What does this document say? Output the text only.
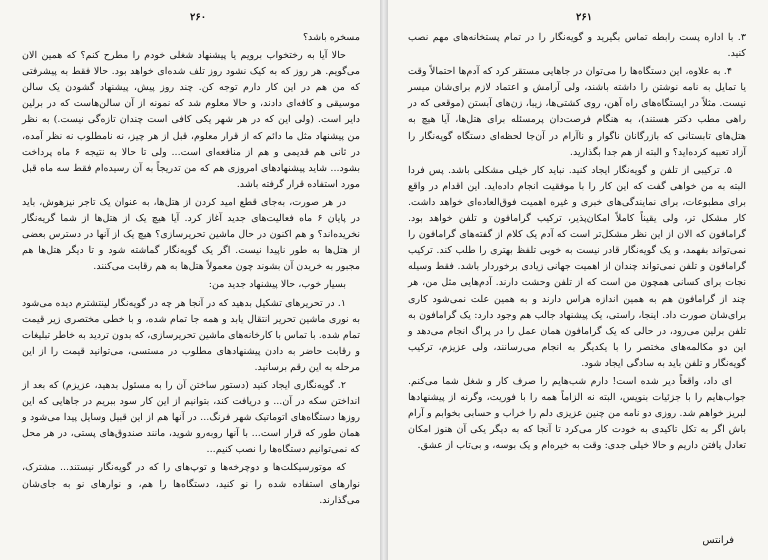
۲۶۰

مسخره باشد؟

حالا آیا به رختخواب برویم یا پیشنهاد شغلی خودم را مطرح کنم؟ که همین الان می‌گویم. هر روز که به کیک نشود روز تلف شده‌ای خواهد بود. حالا فقط به پیشرفتی که من هم در این کار دارم توجه کن. چند روز پیش، پیشنهاد گشودن یک سالن موسیقی و کافه‌ای دادند، و حالا معلوم شد که نمونه از آن سالن‌هاست که در برلین دایر است. (ولی این که در هر شهر یکی کافی است چندان تازه‌گی نیست.) به نظر من پیشنهاد مثل ما دائم که از قرار معلوم، قبل از هر چیز، نه نامطلوب نه نظر آمده، در ثانی هم قدیمی و هم از منافعه‌ای است... ولی تا حالا به نتیجه ۶ ماه پرداخت بشود... شاید پیشنهاد‌های امروزی هم که من تدریجاً به آن رسیده‌ام فقط سه ماه قبل مورد استفاده قرار گرفته باشد.

در هر صورت، به‌جای قطع امید کردن از هتل‌ها، به عنوان یک تاجر نیزهوش، باید در پایان ۶ ماه فعالیت‌های جدید آغاز کرد. آیا هیچ یک از هتل‌ها از شما گریه‌نگار نخریده‌اند؟ و هم اکنون در حال ماشین تحریرسازی؟ هیچ یک از آنها در دسترس بعضی از هتل‌ها به طور ناپیدا نیست. اگر یک گویه‌نگار گماشته شود و تا دیگر هتل‌ها هم مجبور به خریدن آن بشوند چون معمولاً هتل‌ها به هم رقابت می‌کنند.

بسیار خوب، حالا پیشنهاد جدید من:

۱. در تحریرهای تشکیل بدهید که در آنجا هر چه در گویه‌نگار لینتشترم دیده می‌شود به نوری ماشین تحریر انتقال یابد و همه جا تمام شده، و با خطی مختصری زیر قیمت تمام شده. با تماس با کارخانه‌های ماشین تحریرسازی، که بدون تردید به خاطر تبلیغات و رقابت حاضر به دادن پیشنهادهای مطلوب در مستسی، می‌توانید قیمت را از این مرحله به این رقم برسانید.

۲. گویه‌نگاری ایجاد کنید (دستور ساختن آن را به مسئول بدهید، عزیزم) که بعد از انداختن سکه در آن... و دریافت کند، بتوانیم از این کار سود ببریم در جاهایی که این روزها دستگاه‌های اتوماتیک شهر فرنگ... در آنها هم از این قبیل وسایل پیدا می‌شود و همان طور که قرار است... با آنها روبه‌رو شوید، مانند صندوق‌های پستی، در هر محل که نمی‌توانیم دستگاه‌ها را نصب کنیم...

که موتورسیکلت‌ها و دوچرخه‌ها و توپ‌های را که در گویه‌نگار نیستند... مشترک، نوارهای استفاده شده را نو کنید، دستگاه‌ها را هم، و نوارهای نو به جای‌شان می‌گذارند.

۲۶۱

۳. با اداره پست رابطه تماس بگیرید و گویه‌نگار را در تمام پستخانه‌های مهم نصب کنید.

۴. به علاوه، این دستگاه‌ها را می‌توان در جاهایی مستقر کرد که آدم‌ها احتمالاً وقت یا تمایل به نامه نوشتن را داشته باشند، ولی آرامش و اعتماد لازم برای‌شان میسر نیست. مثلاً در ایستگاه‌های راه آهن، روی کشتی‌ها، زیبا، زن‌های آبستن (موقعی که در راهی مطب دکتر هستند)، به هنگام فرصت‌دان پرمسئله برای هتل‌ها، آیا هیچ به هتل‌های تابستانی که بازرگانان ناگوار و ناآرام در آن‌جا لحظه‌ای دستگاه گویه‌نگار را آزاد تعبیه کرده‌اید؟ و البته از هم جدا بگذارید.

۵. ترکیبی از تلفن و گویه‌نگار ایجاد کنید. نباید کار خیلی مشکلی باشد. پس فردا البته به من خواهی گفت که این کار را با موفقیت انجام داده‌اید. این اقدام در واقع برای مطبوعات، برای نمایندگی‌های خبری و غیره اهمیت فوق‌العاده‌ای خواهد داشت. کار مشکل تر، ولی یقیناً کاملاً امکان‌پذیر، ترکیب گرامافون و تلفن خواهد بود. گرامافون که الان از این نظر مشکل‌تر است که آدم یک کلام از گفته‌های گرامافون را نمی‌تواند بفهمد، و یک گویه‌نگار قادر نیست به خوبی تلفظ بهتری را طلب کند. ترکیب گرامافون و تلفن نمی‌تواند چندان از اهمیت جهانی زیادی برخوردار باشد. فقط وسیله نجات برای کسانی همچون من است که از تلفن وحشت دارند. آدم‌هایی مثل من، هر چند از گرامافون هم به همین اندازه هراس دارند و به همین علت نمی‌شود کاری برای‌شان صورت داد. اینجا، راستی، یک پیشنهاد جالب هم وجود دارد: یک گرامافون به تلفن برلین می‌رود، در حالی که یک گرامافون همان عمل را در پراگ انجام می‌دهد و این دو مکالمه‌های مختصر را با یکدیگر به انجام می‌رسانند، ولی عزیزم، ترکیب گویه‌نگار و تلفن باید به سادگی ایجاد شود.

ای داد، واقعاً دیر شده است! دارم شب‌هایم را صرف کار و شغل شما می‌کنم. جواب‌هایم را با جزئیات بنویس، البته نه الزاماً همه را با فوریت، وگرنه از پیشنهادها لبریز خواهم شد. روزی دو نامه من چنین عزیزی دلم را خراب و حسابی بخوابم و آرام باش اگر به تکل تاکیدی به خودت کار می‌کرد تا آنجا که به دیگر یکی آن هنوز امکان تعادل یافتن داریم و حالا خیلی جدی: وقت به خیره‌ام و یک بوسه، و بی‌تاب از عشق.

فرانتس
